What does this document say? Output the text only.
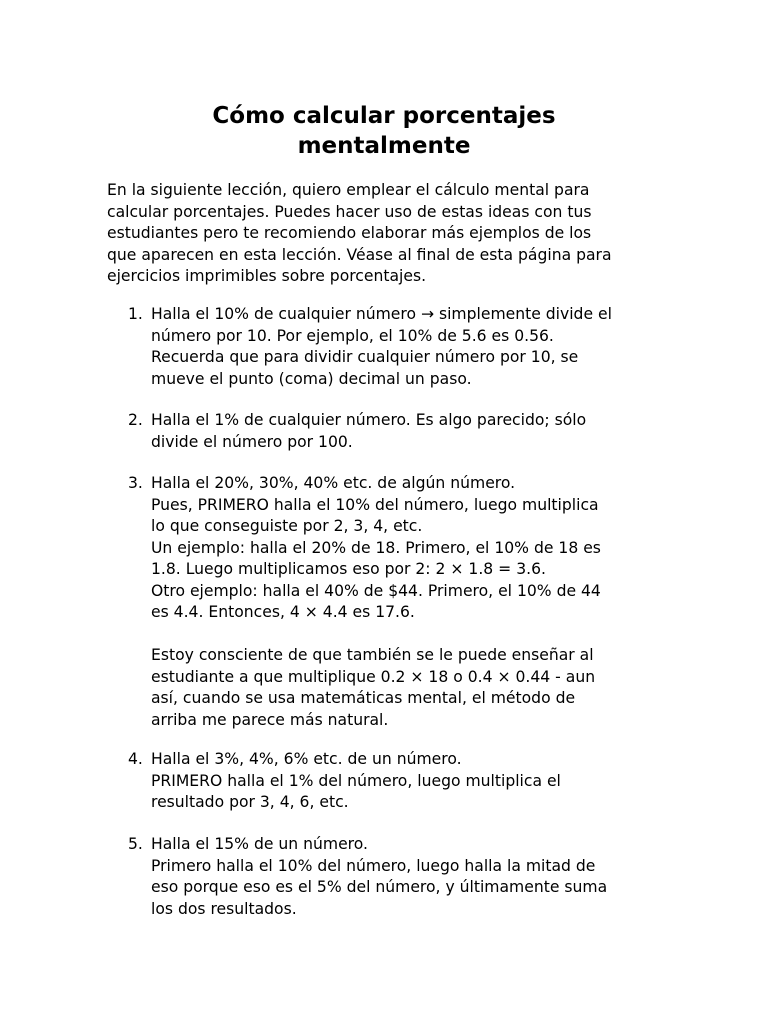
Cómo calcular porcentajes
mentalmente

En la siguiente lección, quiero emplear el cálculo mental para
calcular porcentajes. Puedes hacer uso de estas ideas con tus
estudiantes pero te recomiendo elaborar más ejemplos de los
que aparecen en esta lección. Véase al final de esta página para
ejercicios imprimibles sobre porcentajes.

1. Halla el 10% de cualquier número → simplemente divide el
número por 10. Por ejemplo, el 10% de 5.6 es 0.56.
Recuerda que para dividir cualquier número por 10, se
mueve el punto (coma) decimal un paso.
2. Halla el 1% de cualquier número. Es algo parecido; sólo
divide el número por 100.
3. Halla el 20%, 30%, 40% etc. de algún número.
Pues, PRIMERO halla el 10% del número, luego multiplica
lo que conseguiste por 2, 3, 4, etc.
Un ejemplo: halla el 20% de 18. Primero, el 10% de 18 es
1.8. Luego multiplicamos eso por 2: 2 × 1.8 = 3.6.
Otro ejemplo: halla el 40% de $44. Primero, el 10% de 44
es 4.4. Entonces, 4 × 4.4 es 17.6.
Estoy consciente de que también se le puede enseñar al
estudiante a que multiplique 0.2 × 18 o 0.4 × 0.44 - aun
así, cuando se usa matemáticas mental, el método de
arriba me parece más natural.
4. Halla el 3%, 4%, 6% etc. de un número.
PRIMERO halla el 1% del número, luego multiplica el
resultado por 3, 4, 6, etc.
5. Halla el 15% de un número.
Primero halla el 10% del número, luego halla la mitad de
eso porque eso es el 5% del número, y últimamente suma
los dos resultados.
